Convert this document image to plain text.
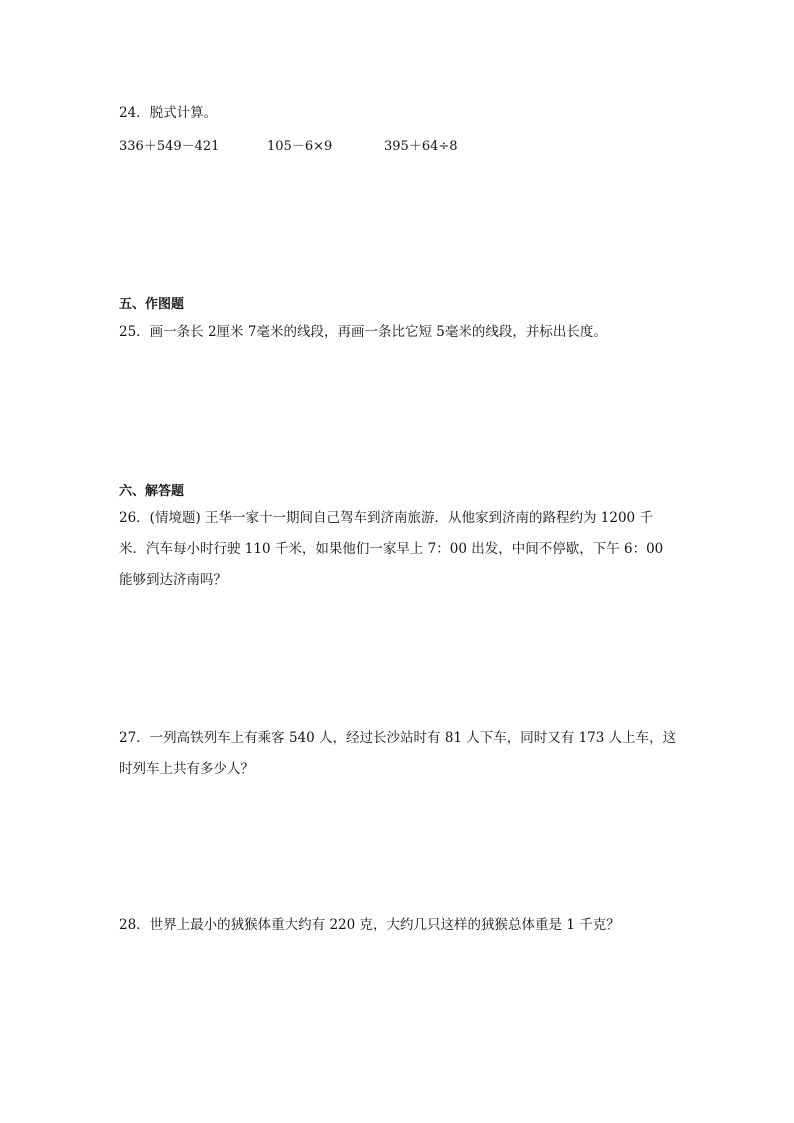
24．脱式计算。
336＋549－421	105－6×9	395＋64÷8
五、作图题
25．画一条长 2厘米 7毫米的线段，再画一条比它短 5毫米的线段，并标出长度。
六、解答题
26．(情境题) 王华一家十一期间自己驾车到济南旅游．从他家到济南的路程约为 1200 千
米．汽车每小时行驶 110 千米，如果他们一家早上 7：00 出发，中间不停歇，下午 6：00
能够到达济南吗？
27．一列高铁列车上有乘客 540 人，经过长沙站时有 81 人下车，同时又有 173 人上车，这
时列车上共有多少人？
28．世界上最小的狨猴体重大约有 220 克，大约几只这样的狨猴总体重是 1 千克？
